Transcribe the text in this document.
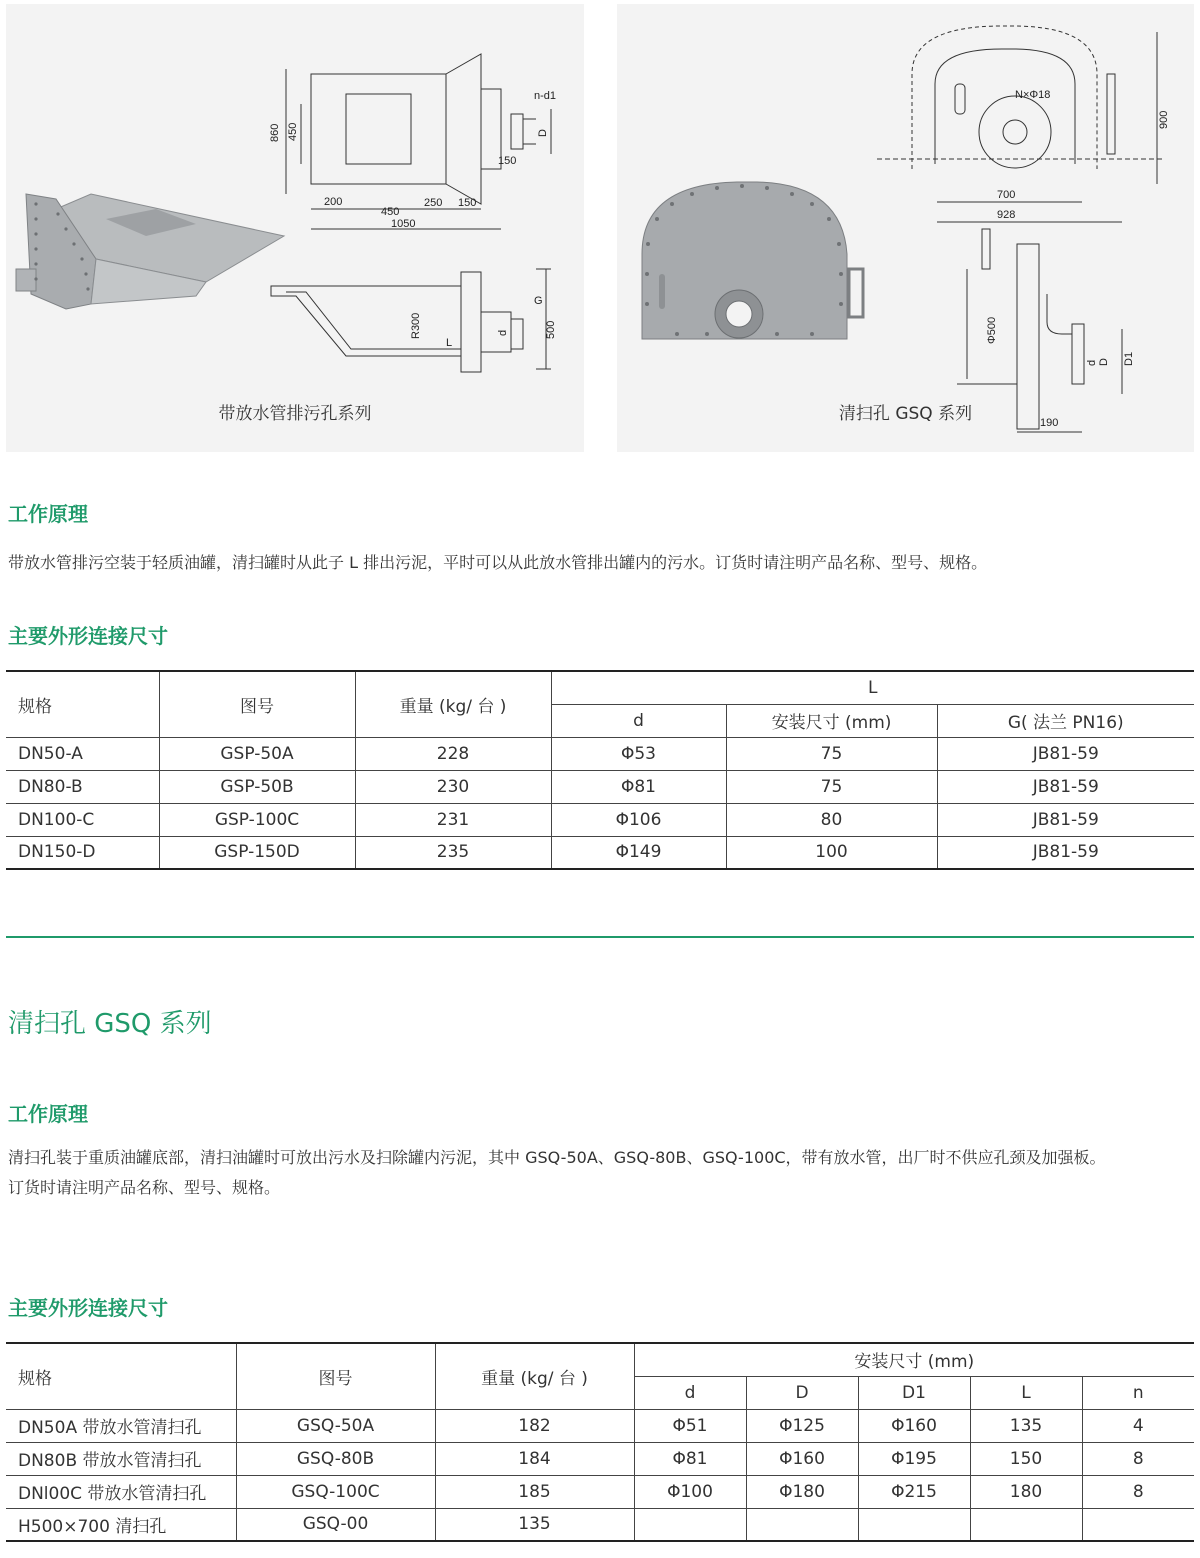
860 450
200
450
250 150
1050
150
n-d1
D
R300
L
d
G
500
带放水管排污孔系列
N×Φ18
900
700
928
Φ500
d D D1
190
清扫孔 GSQ 系列
工作原理
带放水管排污空装于轻质油罐，清扫罐时从此子 L 排出污泥，平时可以从此放水管排出罐内的污水。订货时请注明产品名称、型号、规格。
主要外形连接尺寸
规格	图号	重量 (kg/ 台 )	L		
			d	安装尺寸 (mm)	G( 法兰 PN16)
DN50-A	GSP-50A	228	Φ53	75	JB81-59
DN80-B	GSP-50B	230	Φ81	75	JB81-59
DN100-C	GSP-100C	231	Φ106	80	JB81-59
DN150-D	GSP-150D	235	Φ149	100	JB81-59
清扫孔 GSQ 系列
工作原理
清扫孔装于重质油罐底部，清扫油罐时可放出污水及扫除罐内污泥，其中 GSQ-50A、GSQ-80B、GSQ-100C，带有放水管，出厂时不供应孔颈及加强板。
订货时请注明产品名称、型号、规格。
主要外形连接尺寸
规格	图号	重量 (kg/ 台 )	安装尺寸 (mm)				
			d	D	D1	L	n
DN50A 带放水管清扫孔	GSQ-50A	182	Φ51	Φ125	Φ160	135	4
DN80B 带放水管清扫孔	GSQ-80B	184	Φ81	Φ160	Φ195	150	8
DNl00C 带放水管清扫孔	GSQ-100C	185	Φ100	Φ180	Φ215	180	8
H500×700 清扫孔	GSQ-00	135					
